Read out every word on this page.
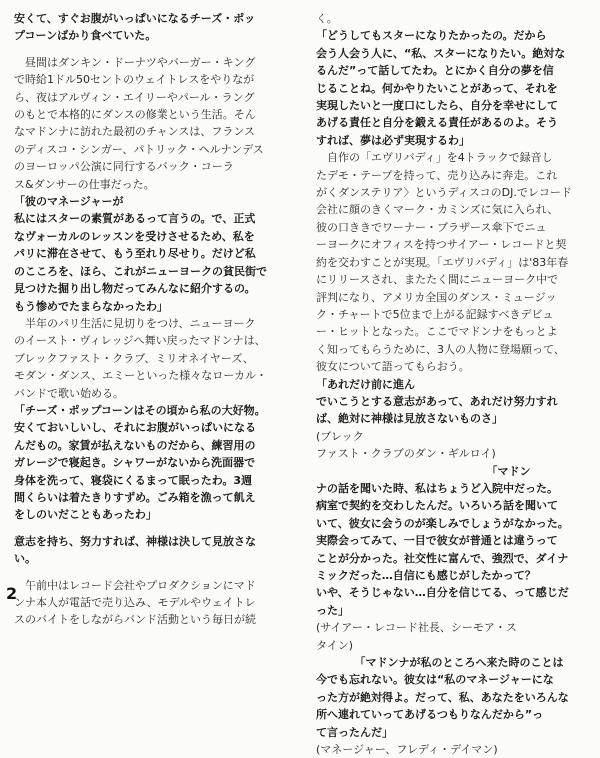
安くて、すぐお腹がいっぱいになるチーズ・ポッ
プコーンばかり食べていた。

　昼間はダンキン・ドーナツやバーガー・キング
で時給1ドル50セントのウェイトレスをやりなが
ら、夜はアルヴィン・エイリーやパール・ラング
のもとで本格的にダンスの修業という生活。そん
なマドンナに訪れた最初のチャンスは、フランス
のディスコ・シンガー、パトリック・ヘルナンデス
のヨーロッパ公演に同行するバック・コーラ
ス&ダンサーの仕事だった。

「彼のマネージャーが
私にはスターの素質があるって言うの。で、正式
なヴォーカルのレッスンを受けさせるため、私を
パリに滞在させて、もう至れり尽せり。だけど私
のこころを、ほら、これがニューヨークの貧民街で
見つけた掘り出し物だってみんなに紹介するの。
もう惨めでたまらなかったわ」

　半年のパリ生活に見切りをつけ、ニューヨーク
のイースト・ヴィレッジへ舞い戻ったマドンナは、
ブレックファスト・クラブ、ミリオネイヤーズ、
モダン・ダンス、エミーといった様々なローカル・
バンドで歌い始める。

「チーズ・ポップコーンはその頃から私の大好物。
安くておいしいし、それにお腹がいっぱいになる
んだもの。家賃が払えないものだから、練習用の
ガレージで寝起き。シャワーがないから洗面器で
身体を洗って、寝袋にくるまって眠ったわ。3週
間くらいは着たきりすずめ。ごみ箱を漁って飢え
をしのいだこともあったわ」

意志を持ち、努力すれば、神様は決して見放さな
い。

　午前中はレコード会社やプロダクションにマド
ンナ本人が電話で売り込み、モデルやウェイトレ
スのバイトをしながらバンド活動という毎日が続

く。

「どうしてもスターになりたかったの。だから
会う人会う人に、“私、スターになりたい。絶対な
るんだ”って話してたわ。とにかく自分の夢を信
じることね。何かやりたいことがあって、それを
実現したいと一度口にしたら、自分を幸せにして
あげる責任と自分を鍛える責任があるのよ。そう
すれば、夢は必ず実現するわ」

　自作の「エヴリバディ」を4トラックで録音し
たデモ・テープを持って、売り込みに奔走。これ
がくダンステリア〉というディスコのDJ.でレコード
会社に顔のきくマーク・カミンズに気に入られ、
彼の口ききでワーナー・ブラザース傘下でニュ
ーヨークにオフィスを持つサイアー・レコードと契
約を交わすことが実現。「エヴリバディ」は'83年春
にリリースされ、またたく間にニューヨーク中で
評判になり、アメリカ全国のダンス・ミュージッ
ク・チャートで5位まで上がる記録すべきデビュ
ー・ヒットとなった。ここでマドンナをもっとよ
く知ってもらうために、3人の人物に登場願って、
彼女について語ってもらおう。

「あれだけ前に進ん
でいこうとする意志があって、あれだけ努力すれ
ば、絶対に神様は見放さないものさ」

(ブレック
ファスト・クラブのダン・ギルロイ)

　　　　　　　　　　　　　　　　「マドン
ナの話を聞いた時、私はちょうど入院中だった。
病室で契約を交わしたんだ。いろいろ話を聞いて
いて、彼女に会うのが楽しみでしょうがなかった。
実際会ってみて、一目で彼女が普通とは違うって
ことが分かった。社交性に富んで、強烈で、ダイナ
ミックだった…自信にも感じがしたかって？
いや、そうじゃない…自分を信じてる、って感じだ
った」

(サイアー・レコード社長、シーモア・ス
タイン)

　　　　「マドンナが私のところへ来た時のことは
今でも忘れない。彼女は“私のマネージャーにな
った方が絶対得よ。だって、私、あなたをいろんな
所へ連れていってあげるつもりなんだから”っ
て言ったんだ」

(マネージャー、フレディ・デイマン)

2
